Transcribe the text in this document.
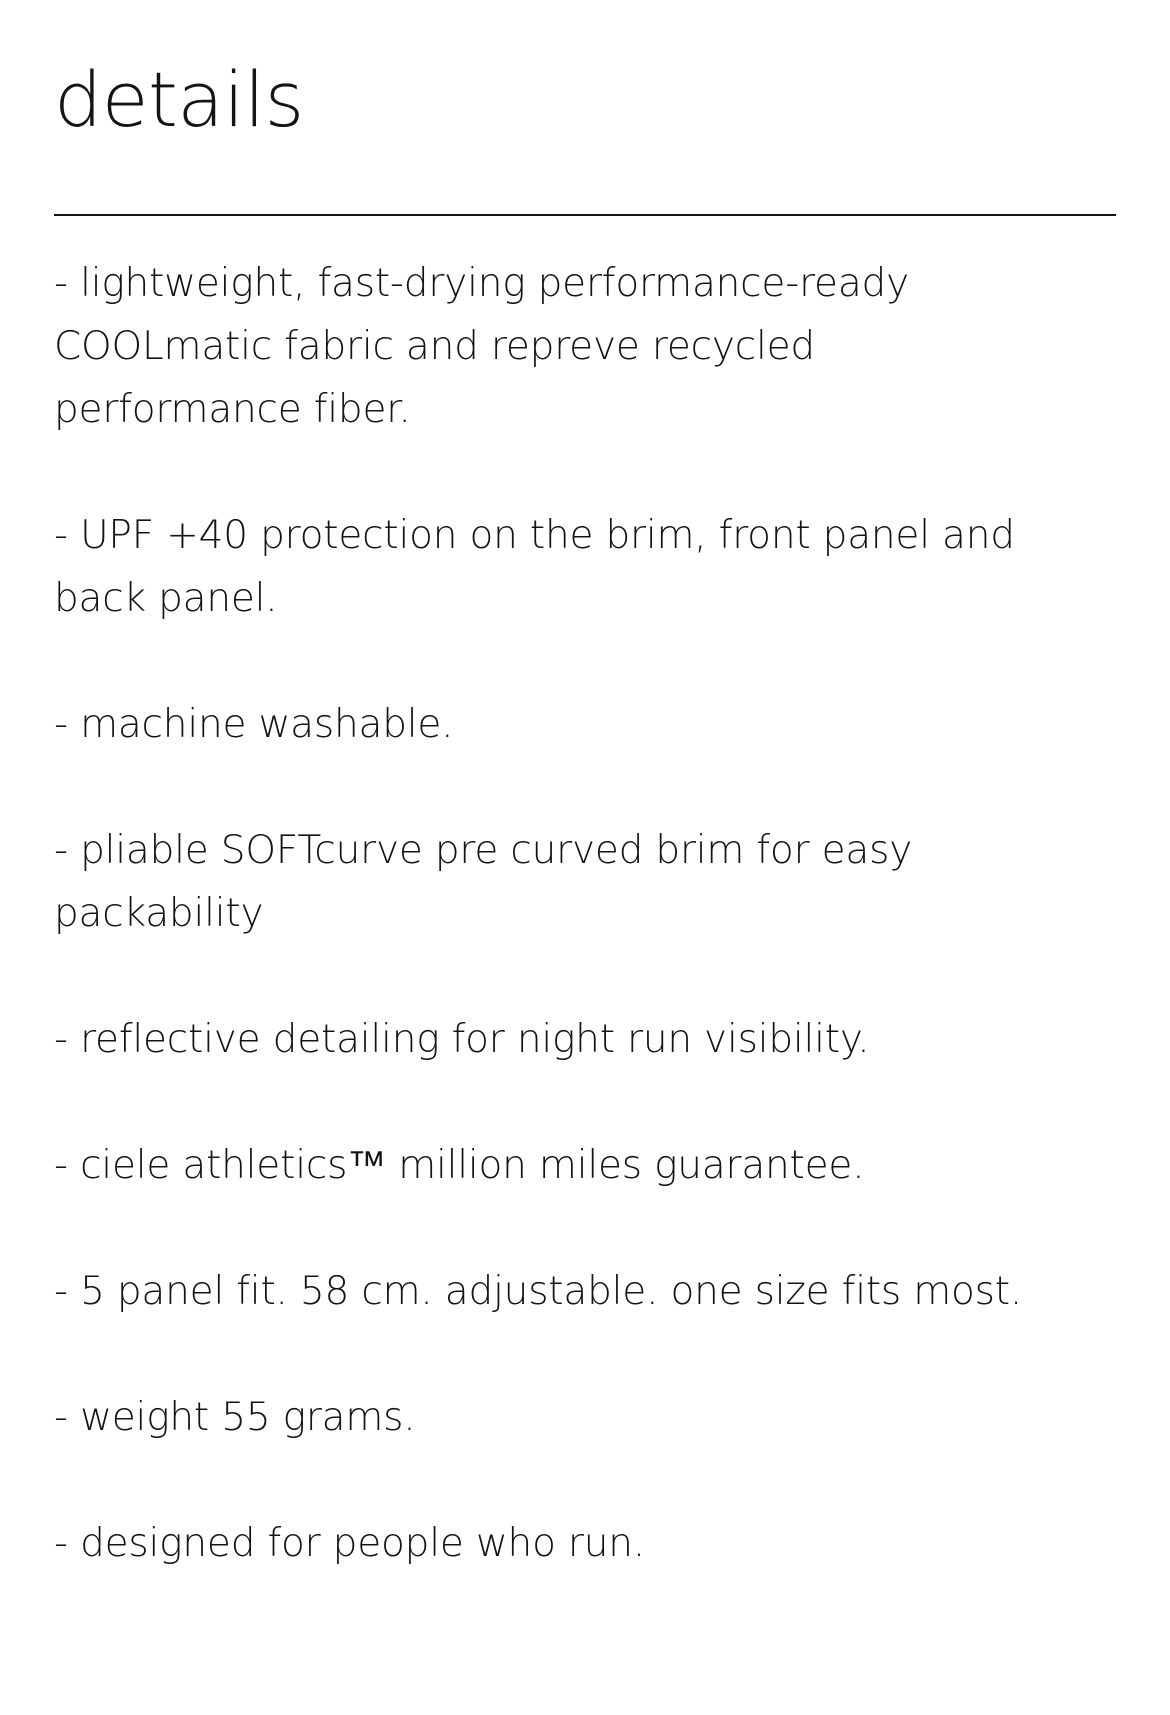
details
- lightweight, fast-drying performance-ready
COOLmatic fabric and repreve recycled
performance fiber.
- UPF +40 protection on the brim, front panel and
back panel.
- machine washable.
- pliable SOFTcurve pre curved brim for easy
packability
- reflective detailing for night run visibility.
- ciele athletics™ million miles guarantee.
- 5 panel fit. 58 cm. adjustable. one size fits most.
- weight 55 grams.
- designed for people who run.
